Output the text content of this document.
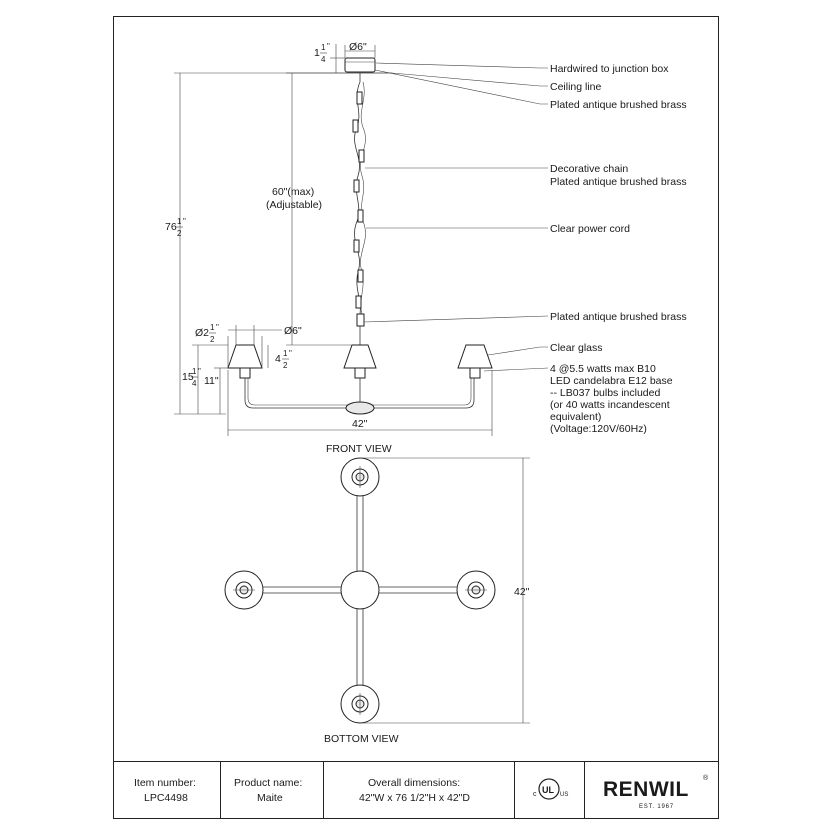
Ø6"
1 1
4
"
76 1
2
"
60"(max)
(Adjustable)
Ø2 1
2
"	Ø6"
4 1
2
"
15
1
4
"
11"
42"
FRONT VIEW
Hardwired to junction box
Ceiling line
Plated antique brushed brass
Decorative chain
Plated antique brushed brass
Clear power cord
Plated antique brushed brass
Clear glass
4 @5.5 watts max B10
LED candelabra E12 base
-- LB037 bulbs included
(or 40 watts incandescent
equivalent)
(Voltage:120V/60Hz)
42"
BOTTOM VIEW
Item number:
LPC4498
Product name:
Maite
Overall dimensions:
42"W x 76 1/2"H x 42"D
UL
c	US RENWIL ®
EST. 1967
